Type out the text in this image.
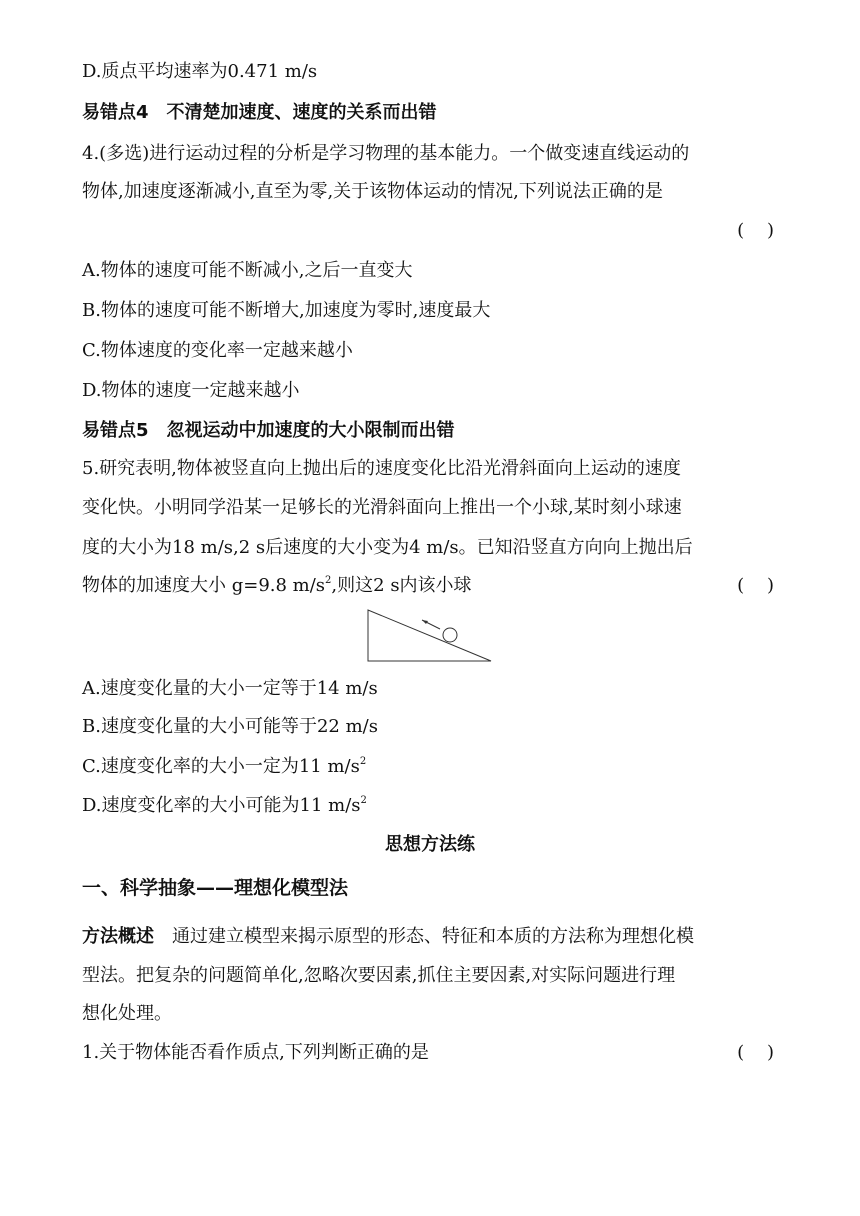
D.质点平均速率为0.471 m/s
易错点4 不清楚加速度、速度的关系而出错
4.(多选)进行运动过程的分析是学习物理的基本能力。一个做变速直线运动的
物体,加速度逐渐减小,直至为零,关于该物体运动的情况,下列说法正确的是
(    )
A.物体的速度可能不断减小,之后一直变大
B.物体的速度可能不断增大,加速度为零时,速度最大
C.物体速度的变化率一定越来越小
D.物体的速度一定越来越小
易错点5 忽视运动中加速度的大小限制而出错
5.研究表明,物体被竖直向上抛出后的速度变化比沿光滑斜面向上运动的速度
变化快。小明同学沿某一足够长的光滑斜面向上推出一个小球,某时刻小球速
度的大小为18 m/s,2 s后速度的大小变为4 m/s。已知沿竖直方向向上抛出后
物体的加速度大小 g=9.8 $m/s^2$,则这2 s内该小球	(    )
A.速度变化量的大小一定等于14 m/s
B.速度变化量的大小可能等于22 m/s
C.速度变化率的大小一定为11 $m/s^2$
D.速度变化率的大小可能为11 $m/s^2$
思想方法练
一、科学抽象——理想化模型法
方法概述 通过建立模型来揭示原型的形态、特征和本质的方法称为理想化模
型法。把复杂的问题简单化,忽略次要因素,抓住主要因素,对实际问题进行理
想化处理。
1.关于物体能否看作质点,下列判断正确的是	(    )
